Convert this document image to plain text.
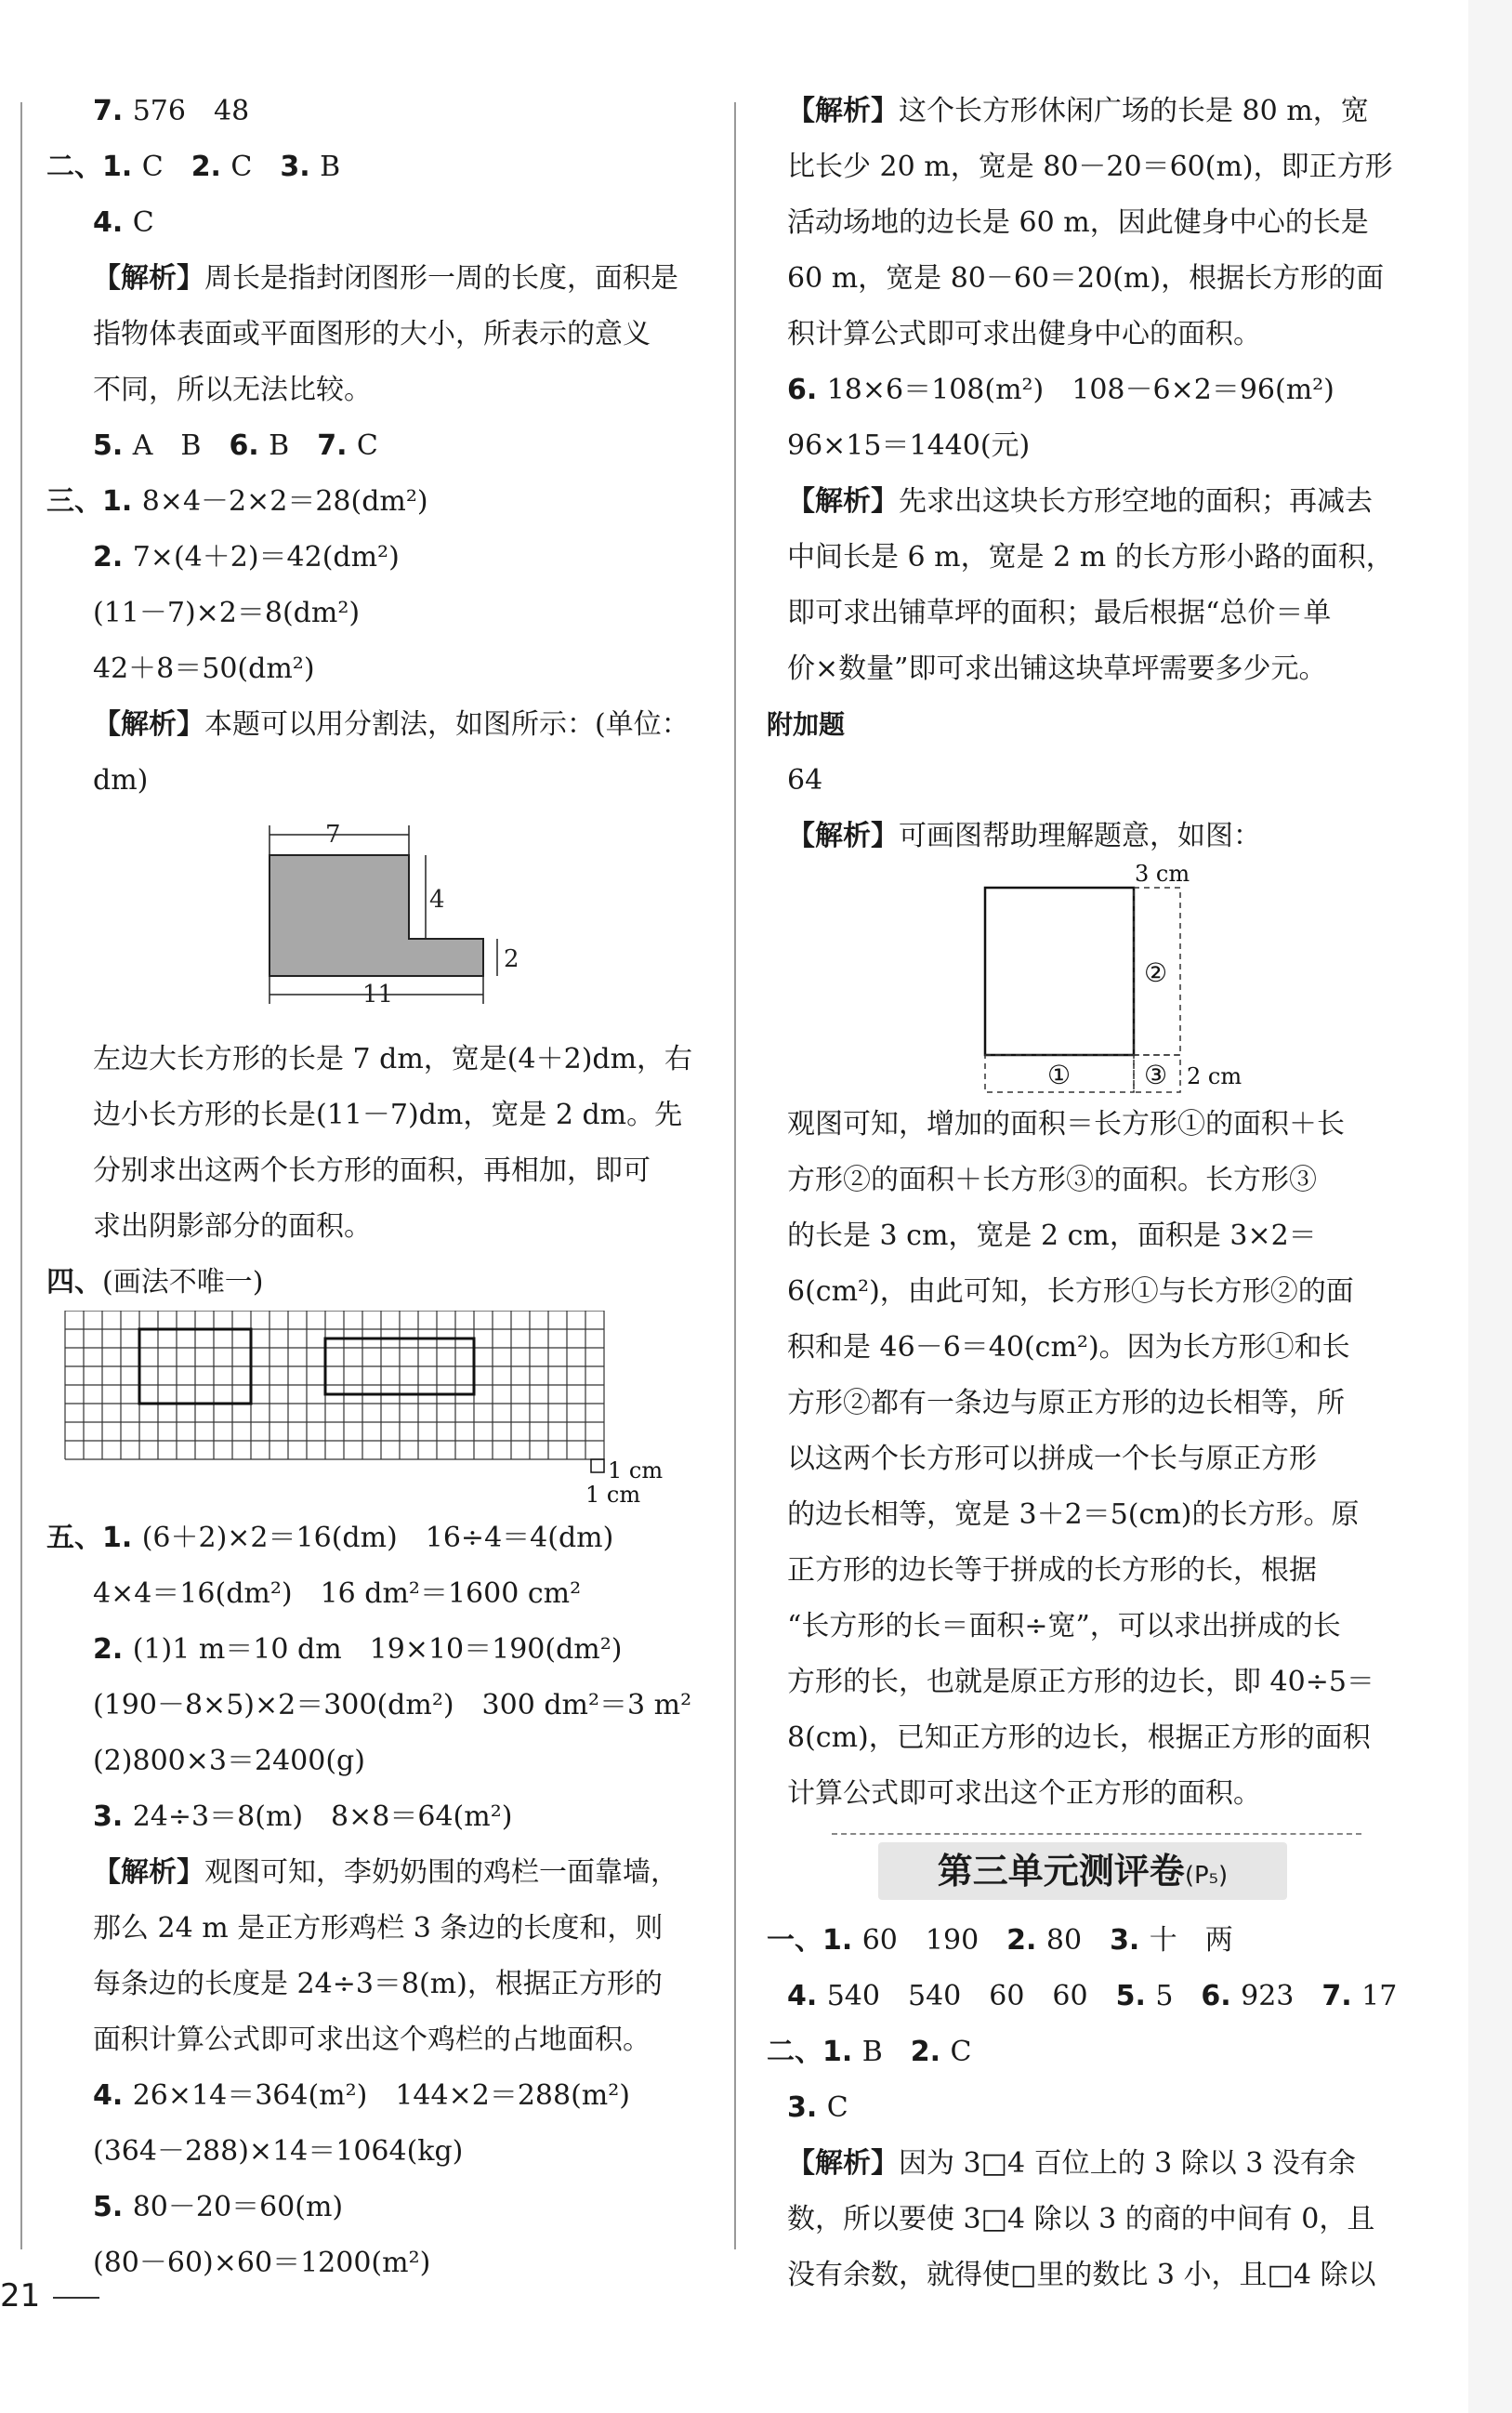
7. 576　48
二、1. C　2. C　3. B
4. C
【解析】周长是指封闭图形一周的长度，面积是
指物体表面或平面图形的大小，所表示的意义
不同，所以无法比较。
5. A　B　6. B　7. C
三、1. 8×4－2×2＝28(dm²)
2. 7×(4＋2)＝42(dm²)
(11－7)×2＝8(dm²)
42＋8＝50(dm²)
【解析】本题可以用分割法，如图所示：(单位：
dm)
7
4
2
11
左边大长方形的长是 7 dm，宽是(4＋2)dm，右
边小长方形的长是(11－7)dm，宽是 2 dm。先
分别求出这两个长方形的面积，再相加，即可
求出阴影部分的面积。
四、(画法不唯一)
1 cm
1 cm
五、1. (6＋2)×2＝16(dm)　16÷4＝4(dm)
4×4＝16(dm²)　16 dm²＝1600 cm²
2. (1)1 m＝10 dm　19×10＝190(dm²)
(190－8×5)×2＝300(dm²)　300 dm²＝3 m²
(2)800×3＝2400(g)
3. 24÷3＝8(m)　8×8＝64(m²)
【解析】观图可知，李奶奶围的鸡栏一面靠墙，
那么 24 m 是正方形鸡栏 3 条边的长度和，则
每条边的长度是 24÷3＝8(m)，根据正方形的
面积计算公式即可求出这个鸡栏的占地面积。
4. 26×14＝364(m²)　144×2＝288(m²)
(364－288)×14＝1064(kg)
5. 80－20＝60(m)
(80－60)×60＝1200(m²)
【解析】这个长方形休闲广场的长是 80 m，宽
比长少 20 m，宽是 80－20＝60(m)，即正方形
活动场地的边长是 60 m，因此健身中心的长是
60 m，宽是 80－60＝20(m)，根据长方形的面
积计算公式即可求出健身中心的面积。
6. 18×6＝108(m²)　108－6×2＝96(m²)
96×15＝1440(元)
【解析】先求出这块长方形空地的面积；再减去
中间长是 6 m，宽是 2 m 的长方形小路的面积，
即可求出铺草坪的面积；最后根据“总价＝单
价×数量”即可求出铺这块草坪需要多少元。
附加题
64
【解析】可画图帮助理解题意，如图：
3 cm
2 cm
①
②
③
观图可知，增加的面积＝长方形①的面积＋长
方形②的面积＋长方形③的面积。长方形③
的长是 3 cm，宽是 2 cm，面积是 3×2＝
6(cm²)，由此可知，长方形①与长方形②的面
积和是 46－6＝40(cm²)。因为长方形①和长
方形②都有一条边与原正方形的边长相等，所
以这两个长方形可以拼成一个长与原正方形
的边长相等，宽是 3＋2＝5(cm)的长方形。原
正方形的边长等于拼成的长方形的长，根据
“长方形的长＝面积÷宽”，可以求出拼成的长
方形的长，也就是原正方形的边长，即 40÷5＝
8(cm)，已知正方形的边长，根据正方形的面积
计算公式即可求出这个正方形的面积。
第三单元测评卷(P₅)
一、1. 60　190　2. 80　3. 十　两
4. 540　540　60　60　5. 5　6. 923　7. 17
二、1. B　2. C
3. C
【解析】因为 3□4 百位上的 3 除以 3 没有余
数，所以要使 3□4 除以 3 的商的中间有 0，且
没有余数，就得使□里的数比 3 小，且□4 除以
21
